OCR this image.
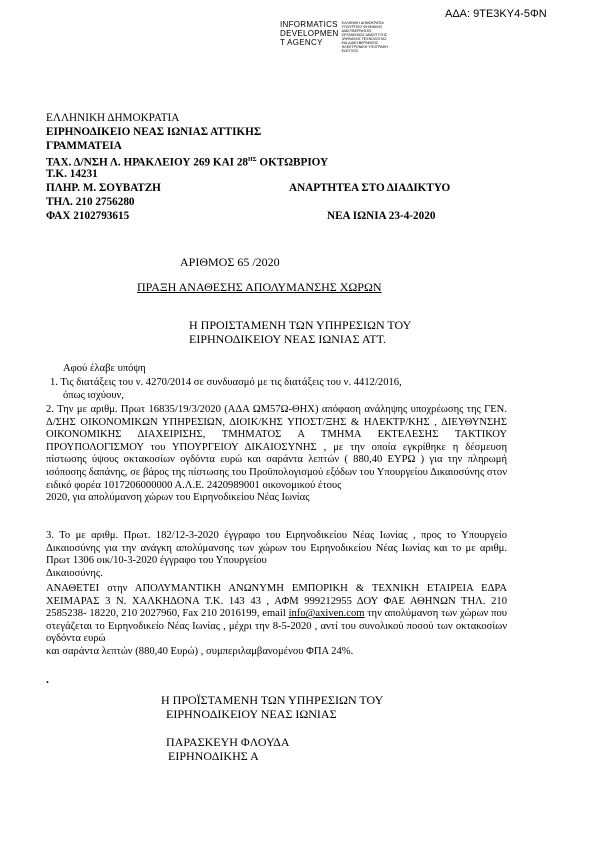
ΑΔΑ: 9ΤΕ3ΚΥ4-5ΦΝ
INFORMATICS
DEVELOPMEN
T AGENCY
ΕΛΛΗΝΙΚΗ ΔΗΜΟΚΡΑΤΙΑ
ΥΠΟΥΡΓΕΙΟ ΨΗΦΙΑΚΗΣ
ΔΙΑΚΥΒΕΡΝΗΣΗΣ
ΟΡΓΑΝΙΣΜΟΣ ΑΝΑΠΤΥΞΗΣ
ΨΗΦΙΑΚΗΣ ΤΕΧΝΟΛΟΓΙΑΣ
ΚΑΙ ΔΙΑΚΥΒΕΡΝΗΣΗΣ
ΗΛΕΚΤΡΟΝΙΚΗ ΥΠΟΓΡΑΦΗ
ΕΛΕΓΧΟΣ
ΕΛΛΗΝΙΚΗ ΔΗΜΟΚΡΑΤΙΑ
ΕΙΡΗΝΟΔΙΚΕΙΟ ΝΕΑΣ ΙΩΝΙΑΣ ΑΤΤΙΚΗΣ
ΓΡΑΜΜΑΤΕΙΑ
ΤΑΧ. Δ/ΝΣΗ Λ. ΗΡΑΚΛΕΙΟΥ 269 ΚΑΙ $28^{H\Sigma}$ ΟΚΤΩΒΡΙΟΥ
Τ.Κ. 14231
ΠΛΗΡ. Μ. ΣΟΥΒΑΤΖΗ
ΤΗΛ. 210 2756280
ΦΑΧ 2102793615
ΑΝΑΡΤΗΤΕΑ ΣΤΟ ΔΙΑΔΙΚΤΥΟ
ΝΕΑ ΙΩΝΙΑ 23-4-2020
ΑΡΙΘΜΟΣ 65 /2020
ΠΡΑΞΗ ΑΝΑΘΕΣΗΣ ΑΠΟΛΥΜΑΝΣΗΣ ΧΩΡΩΝ
Η ΠΡΟΙΣΤΑΜΕΝΗ ΤΩΝ ΥΠΗΡΕΣΙΩΝ ΤΟΥ
ΕΙΡΗΝΟΔΙΚΕΙΟΥ ΝΕΑΣ ΙΩΝΙΑΣ ΑΤΤ.
Αφού έλαβε υπόψη
1. Τις διατάξεις του ν. 4270/2014 σε συνδυασμό με τις διατάξεις του ν. 4412/2016,
όπως ισχύουν,

2. Την με αριθμ. Πρωτ 16835/19/3/2020 (ΑΔΑ ΩΜ57Ω-ΘΗΧ) απόφαση ανάληψης υποχρέωσης της ΓΕΝ. Δ/ΣΗΣ ΟΙΚΟΝΟΜΙΚΩΝ ΥΠΗΡΕΣΙΩΝ, ΔΙΟΙΚ/ΚΗΣ ΥΠΟΣΤ/ΞΗΣ & ΗΛΕΚΤΡ/ΚΗΣ , ΔΙΕΥΘΥΝΣΗΣ ΟΙΚΟΝΟΜΙΚΗΣ ΔΙΑΧΕΙΡΙΣΗΣ, ΤΜΗΜΑΤΟΣ Α ΤΜΗΜΑ ΕΚΤΕΛΕΣΗΣ ΤΑΚΤΙΚΟΥ ΠΡΟΥΠΟΛΟΓΙΣΜΟΥ του ΥΠΟΥΡΓΕΙΟΥ ΔΙΚΑΙΟΣΥΝΗΣ , με την οποία εγκρίθηκε η δέσμευση πίστωσης ύψους οκτακοσίων ογδόντα ευρώ και σαράντα λεπτών ( 880,40 ΕΥΡΩ ) για την πληρωμή ισόποσης δαπάνης, σε βάρος της πίστωσης του Προϋπολογισμού εξόδων του Υπουργείου Δικαιοσύνης στον ειδικό φορέα 1017206000000 Α.Λ.Ε. 2420989001 οικονομικού έτους

2020, για απολύμανση χώρων του Ειρηνοδικείου Νέας Ιωνίας

3. Το με αριθμ. Πρωτ. 182/12-3-2020 έγγραφο του Ειρηνοδικείου Νέας Ιωνίας , προς το Υπουργείο Δικαιοσύνης για την ανάγκη απολύμανσης των χώρων του Ειρηνοδικείου Νέας Ιωνίας και το με αριθμ. Πρωτ 1306 οικ/10-3-2020 έγγραφο του Υπουργείου

Δικαιοσύνης.

ΑΝΑΘΕΤΕΙ στην ΑΠΟΛΥΜΑΝΤΙΚΗ ΑΝΩΝΥΜΗ ΕΜΠΟΡΙΚΗ & ΤΕΧΝΙΚΗ ΕΤΑΙΡΕΙΑ ΕΔΡΑ ΧΕΙΜΑΡΑΣ 3 Ν. ΧΑΛΚΗΔΟΝΑ Τ.Κ. 143 43 , ΑΦΜ 999212955 ΔΟΥ ΦΑΕ ΑΘΗΝΩΝ ΤΗΛ. 210 2585238- 18220, 210 2027960, Fax 210 2016199, email info@axiven.com την απολύμανση των χώρων που στεγάζεται το Ειρηνοδικείο Νέας Ιωνίας , μέχρι την 8-5-2020 , αντί του συνολικού ποσού των οκτακοσίων ογδόντα ευρώ

και σαράντα λεπτών (880,40 Ευρώ) , συμπεριλαμβανομένου ΦΠΑ 24%.

.
Η ΠΡΟΪΣΤΑΜΕΝΗ ΤΩΝ ΥΠΗΡΕΣΙΩΝ ΤΟΥ
ΕΙΡΗΝΟΔΙΚΕΙΟΥ ΝΕΑΣ ΙΩΝΙΑΣ
ΠΑΡΑΣΚΕΥΗ ΦΛΟΥΔΑ
ΕΙΡΗΝΟΔΙΚΗΣ Α
